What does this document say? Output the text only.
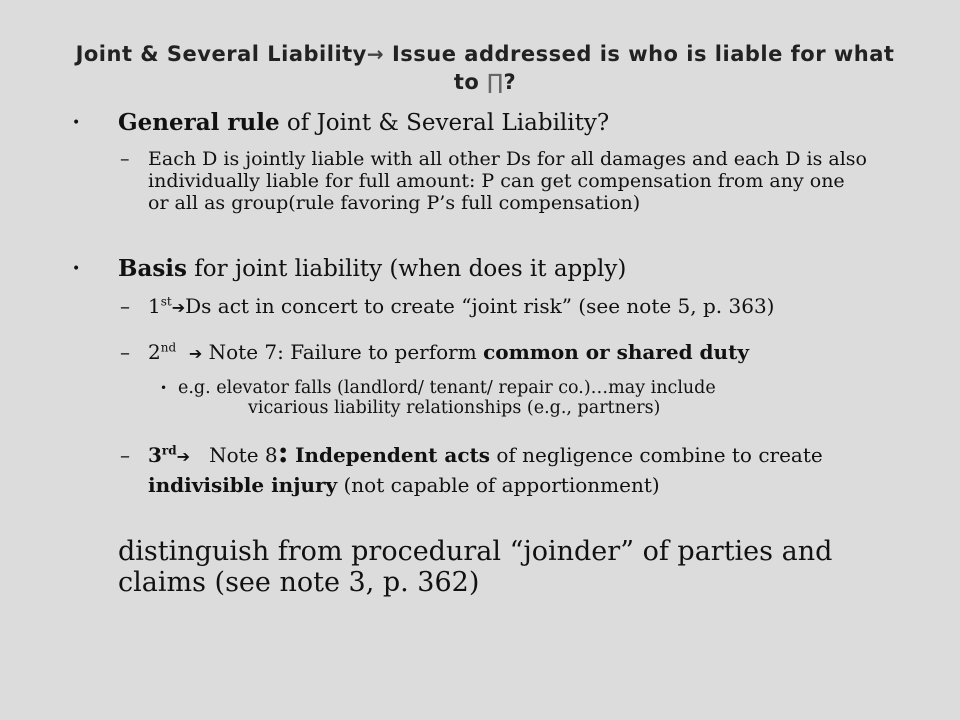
Joint & Several Liability→ Issue addressed is who is liable for what to ∏?
• General rule of Joint & Several Liability?
– Each D is jointly liable with all other Ds for all damages and each D is also individually liable for full amount: P can get compensation from any one or all as group(rule favoring P’s full compensation)
• Basis for joint liability (when does it apply)
– 1st➔Ds act in concert to create “joint risk” (see note 5, p. 363)
– 2nd ➔ Note 7: Failure to perform common or shared duty
• e.g. elevator falls (landlord/ tenant/ repair co.)…may include
vicarious liability relationships (e.g., partners)
– 3rd➔   Note 8: Independent acts of negligence combine to create indivisible injury (not capable of apportionment)
distinguish from procedural “joinder” of parties and claims (see note 3, p. 362)
